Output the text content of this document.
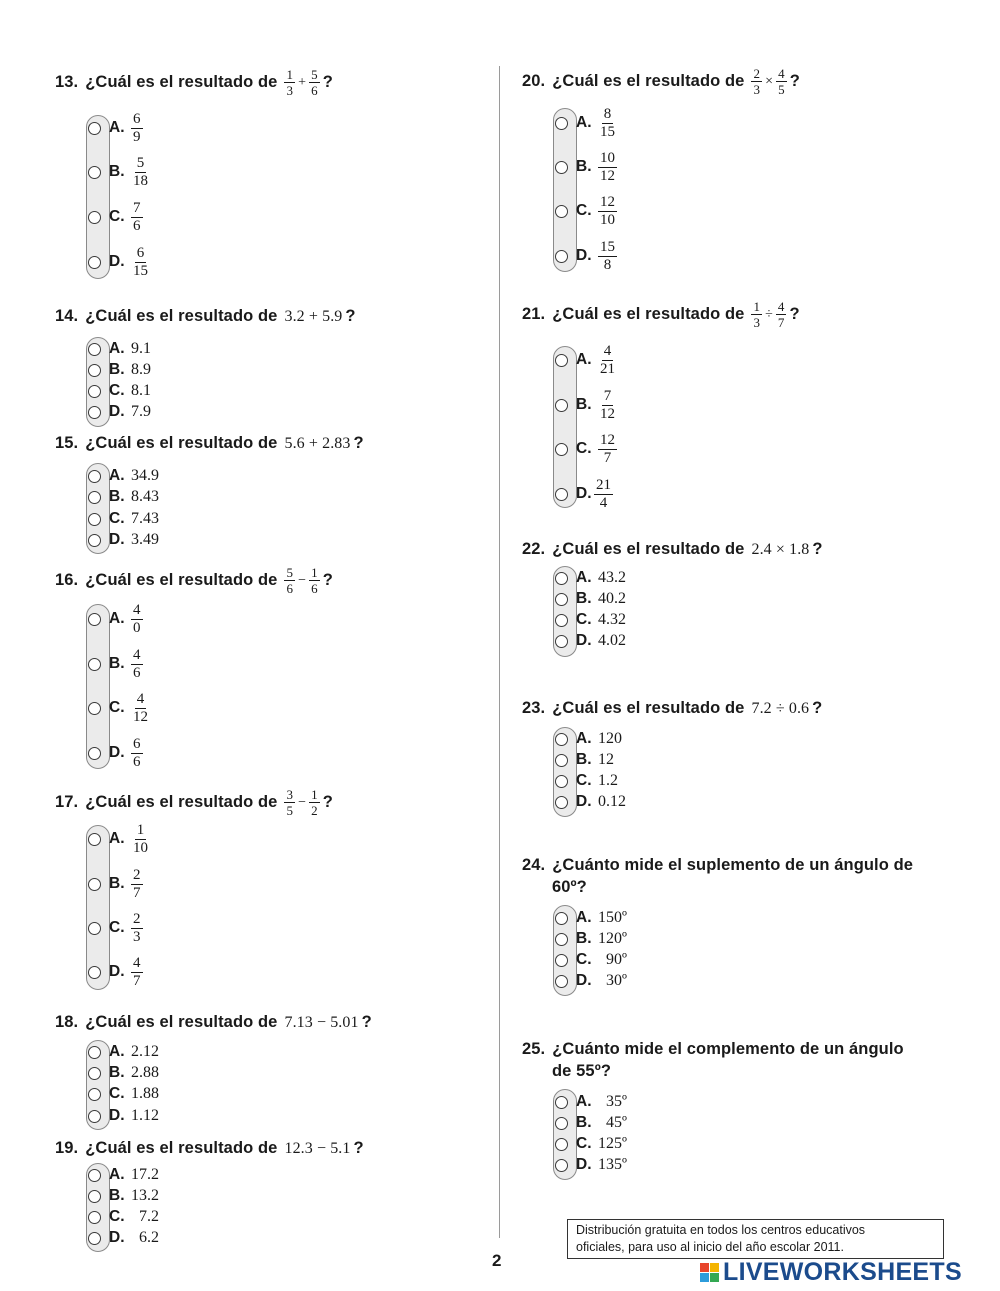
13. ¿Cuál es el resultado de $\frac{1}{3} + \frac{5}{6}$ ?
A. $\frac{6}{9}$
B. $\frac{5}{18}$
C. $\frac{7}{6}$
D. $\frac{6}{15}$
14. ¿Cuál es el resultado de 3.2 + 5.9 ?
A. 9.1
B. 8.9
C. 8.1
D. 7.9
15. ¿Cuál es el resultado de 5.6 + 2.83 ?
A. 34.9
B. 8.43
C. 7.43
D. 3.49
16. ¿Cuál es el resultado de $\frac{5}{6} - \frac{1}{6}$ ?
A. $\frac{4}{0}$
B. $\frac{4}{6}$
C. $\frac{4}{12}$
D. $\frac{6}{6}$
17. ¿Cuál es el resultado de $\frac{3}{5} - \frac{1}{2}$ ?
A. $\frac{1}{10}$
B. $\frac{2}{7}$
C. $\frac{2}{3}$
D. $\frac{4}{7}$
18. ¿Cuál es el resultado de 7.13 − 5.01 ?
A. 2.12
B. 2.88
C. 1.88
D. 1.12
19. ¿Cuál es el resultado de 12.3 − 5.1 ?
A. 17.2
B. 13.2
C. 7.2
D. 6.2
20. ¿Cuál es el resultado de $\frac{2}{3} \times \frac{4}{5}$ ?
A. $\frac{8}{15}$
B. $\frac{10}{12}$
C. $\frac{12}{10}$
D. $\frac{15}{8}$
21. ¿Cuál es el resultado de $\frac{1}{3} \div \frac{4}{7}$ ?
A. $\frac{4}{21}$
B. $\frac{7}{12}$
C. $\frac{12}{7}$
D. $\frac{21}{4}$
22. ¿Cuál es el resultado de 2.4 × 1.8 ?
A. 43.2
B. 40.2
C. 4.32
D. 4.02
23. ¿Cuál es el resultado de 7.2 ÷ 0.6 ?
A. 120
B. 12
C. 1.2
D. 0.12
24. ¿Cuánto mide el suplemento de un ángulo de
60º?
A. 150º
B. 120º
C. 90º
D. 30º
25. ¿Cuánto mide el complemento de un ángulo
de 55º?
A. 35º
B. 45º
C. 125º
D. 135º
2
Distribución gratuita en todos los centros educativos
oficiales, para uso al inicio del año escolar 2011.
LIVEWORKSHEETS
